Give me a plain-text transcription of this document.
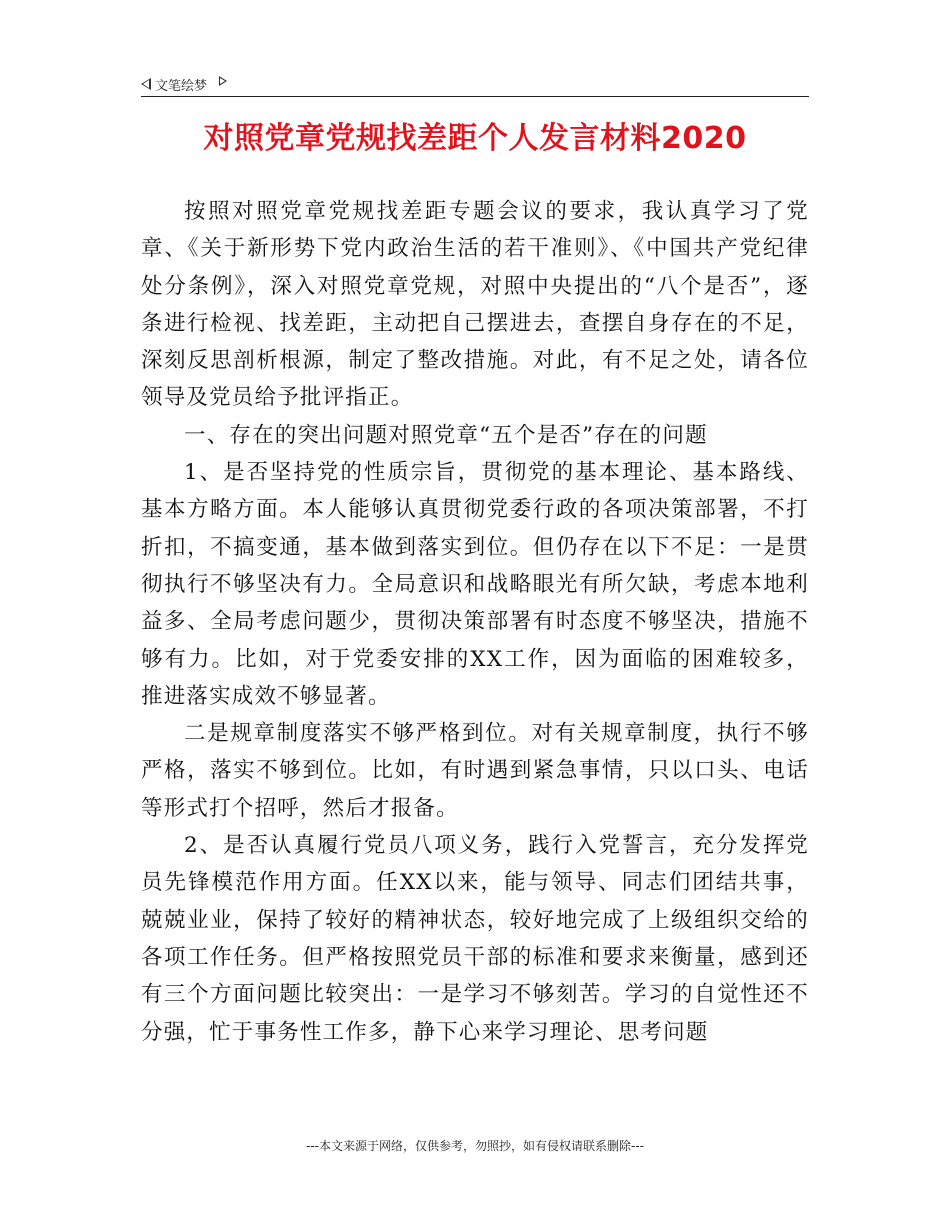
文笔绘梦
对照党章党规找差距个人发言材料2020

按照对照党章党规找差距专题会议的要求，我认真学习了党章、《关于新形势下党内政治生活的若干准则》、《中国共产党纪律处分条例》，深入对照党章党规，对照中央提出的“八个是否”，逐条进行检视、找差距，主动把自己摆进去，查摆自身存在的不足，深刻反思剖析根源，制定了整改措施。对此，有不足之处，请各位领导及党员给予批评指正。

一、存在的突出问题对照党章“五个是否”存在的问题

1、是否坚持党的性质宗旨，贯彻党的基本理论、基本路线、基本方略方面。本人能够认真贯彻党委行政的各项决策部署，不打折扣，不搞变通，基本做到落实到位。但仍存在以下不足：一是贯彻执行不够坚决有力。全局意识和战略眼光有所欠缺，考虑本地利益多、全局考虑问题少，贯彻决策部署有时态度不够坚决，措施不够有力。比如，对于党委安排的XX工作，因为面临的困难较多，推进落实成效不够显著。

二是规章制度落实不够严格到位。对有关规章制度，执行不够严格，落实不够到位。比如，有时遇到紧急事情，只以口头、电话等形式打个招呼，然后才报备。

2、是否认真履行党员八项义务，践行入党誓言，充分发挥党员先锋模范作用方面。任XX以来，能与领导、同志们团结共事，兢兢业业，保持了较好的精神状态，较好地完成了上级组织交给的各项工作任务。但严格按照党员干部的标准和要求来衡量，感到还有三个方面问题比较突出：一是学习不够刻苦。学习的自觉性还不分强，忙于事务性工作多，静下心来学习理论、思考问题

---本文来源于网络，仅供参考，勿照抄，如有侵权请联系删除---
